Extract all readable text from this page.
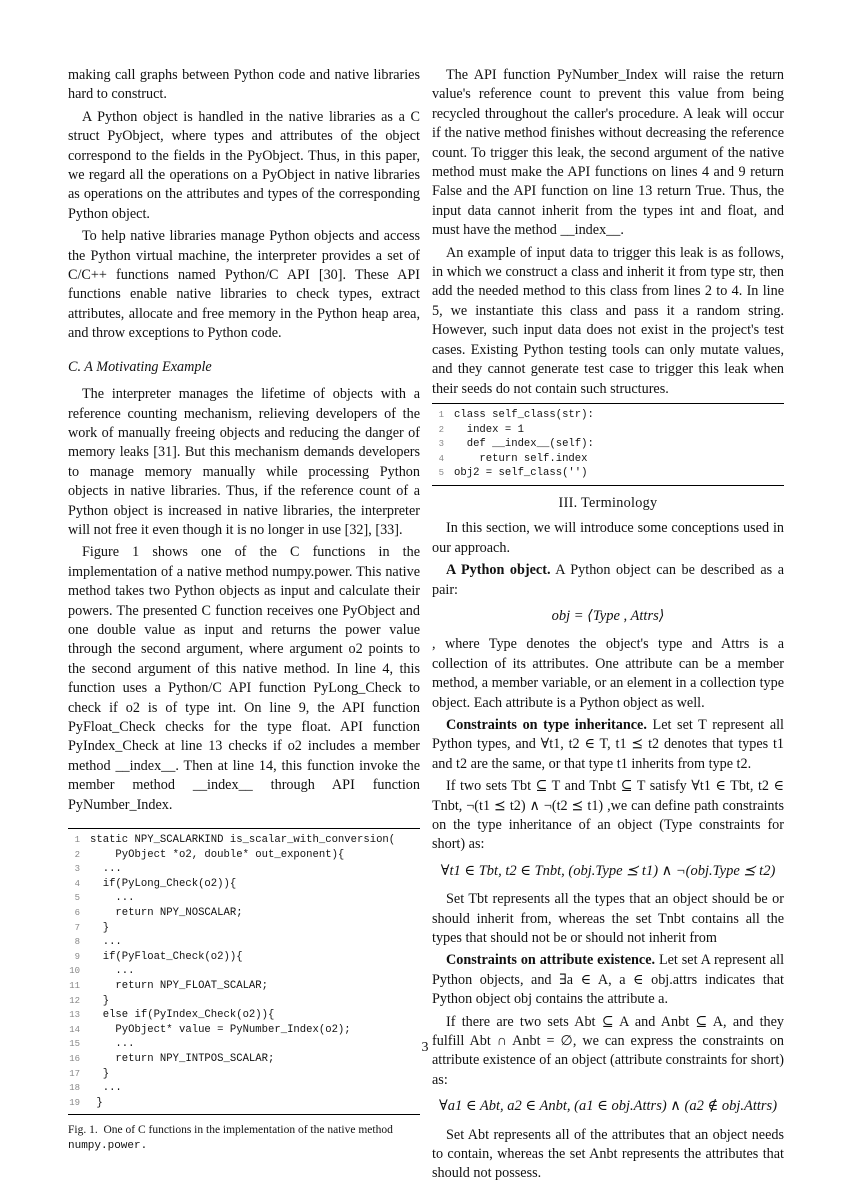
making call graphs between Python code and native libraries hard to construct.

A Python object is handled in the native libraries as a C struct PyObject, where types and attributes of the object correspond to the fields in the PyObject. Thus, in this paper, we regard all the operations on a PyObject in native libraries as operations on the attributes and types of the corresponding Python object.

To help native libraries manage Python objects and access the Python virtual machine, the interpreter provides a set of C/C++ functions named Python/C API [30]. These API functions enable native libraries to check types, extract attributes, allocate and free memory in the Python heap area, and throw exceptions to Python code.

C. A Motivating Example

The interpreter manages the lifetime of objects with a reference counting mechanism, relieving developers of the work of manually freeing objects and reducing the danger of memory leaks [31]. But this mechanism demands developers to manage memory manually while processing Python objects in native libraries. Thus, if the reference count of a Python object is increased in native libraries, the interpreter will not free it even though it is no longer in use [32], [33].

Figure 1 shows one of the C functions in the implementation of a native method numpy.power. This native method takes two Python objects as input and calculate their powers. The presented C function receives one PyObject and one double value as input and returns the power value through the second argument, where argument o2 points to the second argument of this native method. In line 4, this function uses a Python/C API function PyLong_Check to check if o2 is of type int. On line 9, the API function PyFloat_Check checks for the type float. API function PyIndex_Check at line 13 checks if o2 includes a member method __index__. Then at line 14, this function invoke the member method __index__ through API function PyNumber_Index.

1 static NPY_SCALARKIND is_scalar_with_conversion(
2 PyObject *o2, double* out_exponent){
3 ...
4 if(PyLong_Check(o2)){
5 ...
6 return NPY_NOSCALAR;
7 }
8 ...
9 if(PyFloat_Check(o2)){
10 ...
11 return NPY_FLOAT_SCALAR;
12 }
13 else if(PyIndex_Check(o2)){
14 PyObject* value = PyNumber_Index(o2);
15 ...
16 return NPY_INTPOS_SCALAR;
17 }
18 ...
19 }
Fig. 1. One of C functions in the implementation of the native method numpy.power.

The API function PyNumber_Index will raise the return value's reference count to prevent this value from being recycled throughout the caller's procedure. A leak will occur if the native method finishes without decreasing the reference count. To trigger this leak, the second argument of the native method must make the API functions on lines 4 and 9 return False and the API function on line 13 return True. Thus, the input data cannot inherit from the types int and float, and must have the method __index__.

An example of input data to trigger this leak is as follows, in which we construct a class and inherit it from type str, then add the needed method to this class from lines 2 to 4. In line 5, we instantiate this class and pass it a random string. However, such input data does not exist in the project's test cases. Existing Python testing tools can only mutate values, and they cannot generate test case to trigger this leak when their seeds do not contain such structures.

1 class self_class(str):
2 index = 1
3 def __index__(self):
4 return self.index
5 obj2 = self_class('')
III. Terminology

In this section, we will introduce some conceptions used in our approach.

A Python object. A Python object can be described as a pair:

obj = ⟨Type , Attrs⟩

, where Type denotes the object's type and Attrs is a collection of its attributes. One attribute can be a member method, a member variable, or an element in a collection type object. Each attribute is a Python object as well.

Constraints on type inheritance. Let set T represent all Python types, and ∀t1, t2 ∈ T, t1 ⪯ t2 denotes that types t1 and t2 are the same, or that type t1 inherits from type t2.

If two sets Tbt ⊆ T and Tnbt ⊆ T satisfy ∀t1 ∈ Tbt, t2 ∈ Tnbt, ¬(t1 ⪯ t2) ∧ ¬(t2 ⪯ t1) ,we can define path constraints on the type inheritance of an object (Type constraints for short) as:

∀t1 ∈ Tbt, t2 ∈ Tnbt, (obj.Type ⪯ t1) ∧ ¬(obj.Type ⪯ t2)

Set Tbt represents all the types that an object should be or should inherit from, whereas the set Tnbt contains all the types that should not be or should not inherit from

Constraints on attribute existence. Let set A represent all Python objects, and ∃a ∈ A, a ∈ obj.attrs indicates that Python object obj contains the attribute a.

If there are two sets Abt ⊆ A and Anbt ⊆ A, and they fulfill Abt ∩ Anbt = ∅, we can express the constraints on attribute existence of an object (attribute constraints for short) as:

∀a1 ∈ Abt, a2 ∈ Anbt, (a1 ∈ obj.Attrs) ∧ (a2 ∉ obj.Attrs)

Set Abt represents all of the attributes that an object needs to contain, whereas the set Anbt represents the attributes that should not possess.

3
